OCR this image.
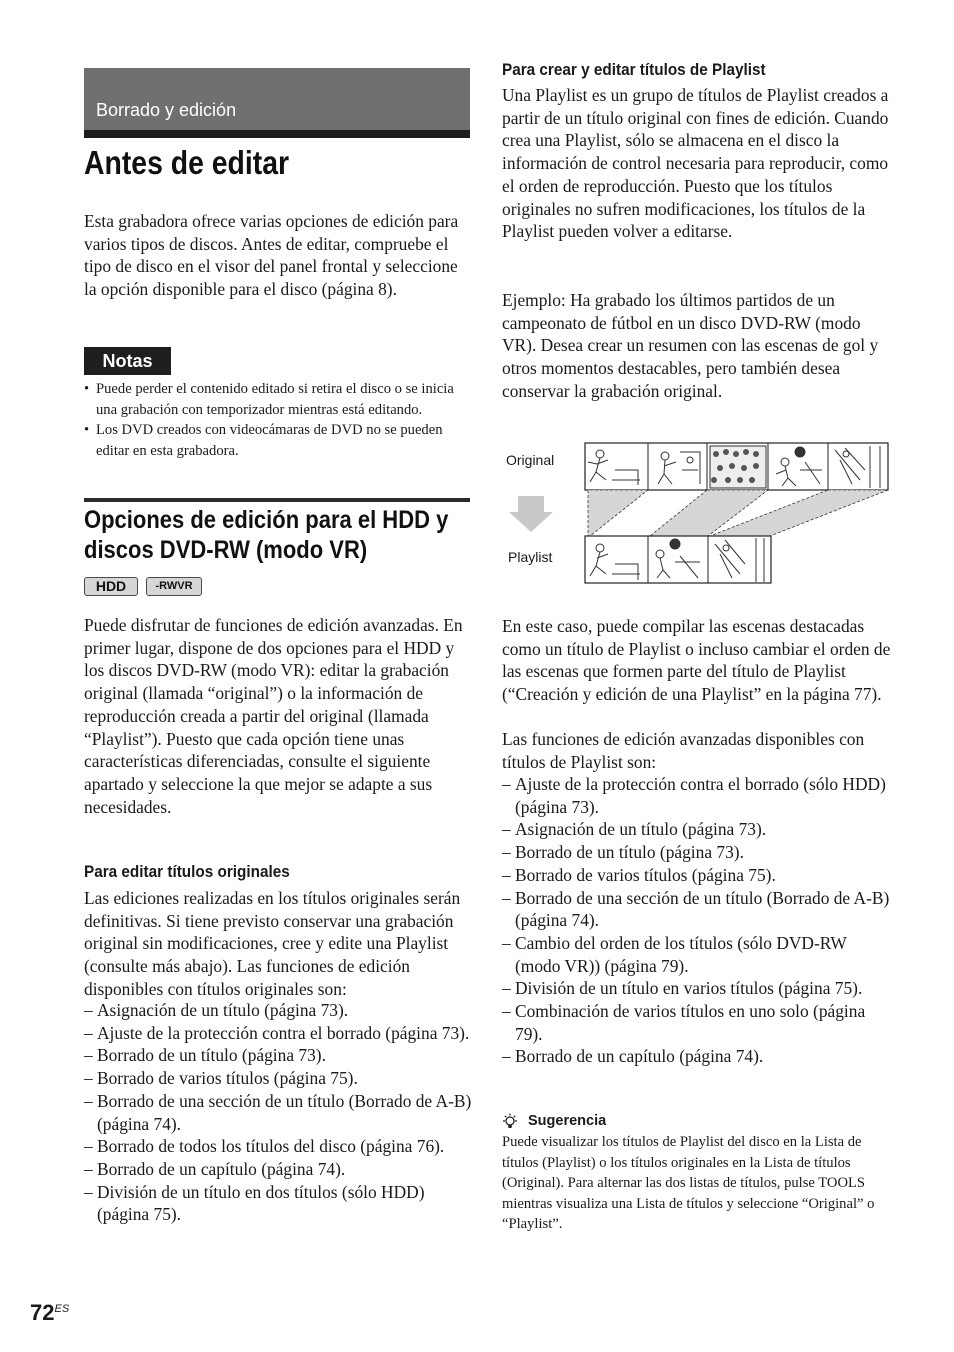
Borrado y edición
Antes de editar
Esta grabadora ofrece varias opciones de edición para varios tipos de discos. Antes de editar, compruebe el tipo de disco en el visor del panel frontal y seleccione la opción disponible para el disco (página 8).
Notas
• Puede perder el contenido editado si retira el disco o se inicia una grabación con temporizador mientras está editando.
• Los DVD creados con videocámaras de DVD no se pueden editar en esta grabadora.
Opciones de edición para el HDD y discos DVD-RW (modo VR)
HDD	-RWVR
Puede disfrutar de funciones de edición avanzadas. En primer lugar, dispone de dos opciones para el HDD y los discos DVD-RW (modo VR): editar la grabación original (llamada “original”) o la información de reproducción creada a partir del original (llamada “Playlist”). Puesto que cada opción tiene unas características diferenciadas, consulte el siguiente apartado y seleccione la que mejor se adapte a sus necesidades.
Para editar títulos originales
Las ediciones realizadas en los títulos originales serán definitivas. Si tiene previsto conservar una grabación original sin modificaciones, cree y edite una Playlist (consulte más abajo). Las funciones de edición disponibles con títulos originales son:
– Asignación de un título (página 73).
– Ajuste de la protección contra el borrado (página 73).
– Borrado de un título (página 73).
– Borrado de varios títulos (página 75).
– Borrado de una sección de un título (Borrado de A-B) (página 74).
– Borrado de todos los títulos del disco (página 76).
– Borrado de un capítulo (página 74).
– División de un título en dos títulos (sólo HDD) (página 75).
Para crear y editar títulos de Playlist
Una Playlist es un grupo de títulos de Playlist creados a partir de un título original con fines de edición. Cuando crea una Playlist, sólo se almacena en el disco la información de control necesaria para reproducir, como el orden de reproducción. Puesto que los títulos originales no sufren modificaciones, los títulos de la Playlist pueden volver a editarse.
Ejemplo: Ha grabado los últimos partidos de un campeonato de fútbol en un disco DVD-RW (modo VR). Desea crear un resumen con las escenas de gol y otros momentos destacables, pero también desea conservar la grabación original.
Original
Playlist
En este caso, puede compilar las escenas destacadas como un título de Playlist o incluso cambiar el orden de las escenas que formen parte del título de Playlist (“Creación y edición de una Playlist” en la página 77).
Las funciones de edición avanzadas disponibles con títulos de Playlist son:
– Ajuste de la protección contra el borrado (sólo HDD) (página 73).
– Asignación de un título (página 73).
– Borrado de un título (página 73).
– Borrado de varios títulos (página 75).
– Borrado de una sección de un título (Borrado de A-B) (página 74).
– Cambio del orden de los títulos (sólo DVD-RW (modo VR)) (página 79).
– División de un título en varios títulos (página 75).
– Combinación de varios títulos en uno solo (página 79).
– Borrado de un capítulo (página 74).
Sugerencia
Puede visualizar los títulos de Playlist del disco en la Lista de títulos (Playlist) o los títulos originales en la Lista de títulos (Original). Para alternar las dos listas de títulos, pulse TOOLS mientras visualiza una Lista de títulos y seleccione “Original” o “Playlist”.
$72^{ES}$
